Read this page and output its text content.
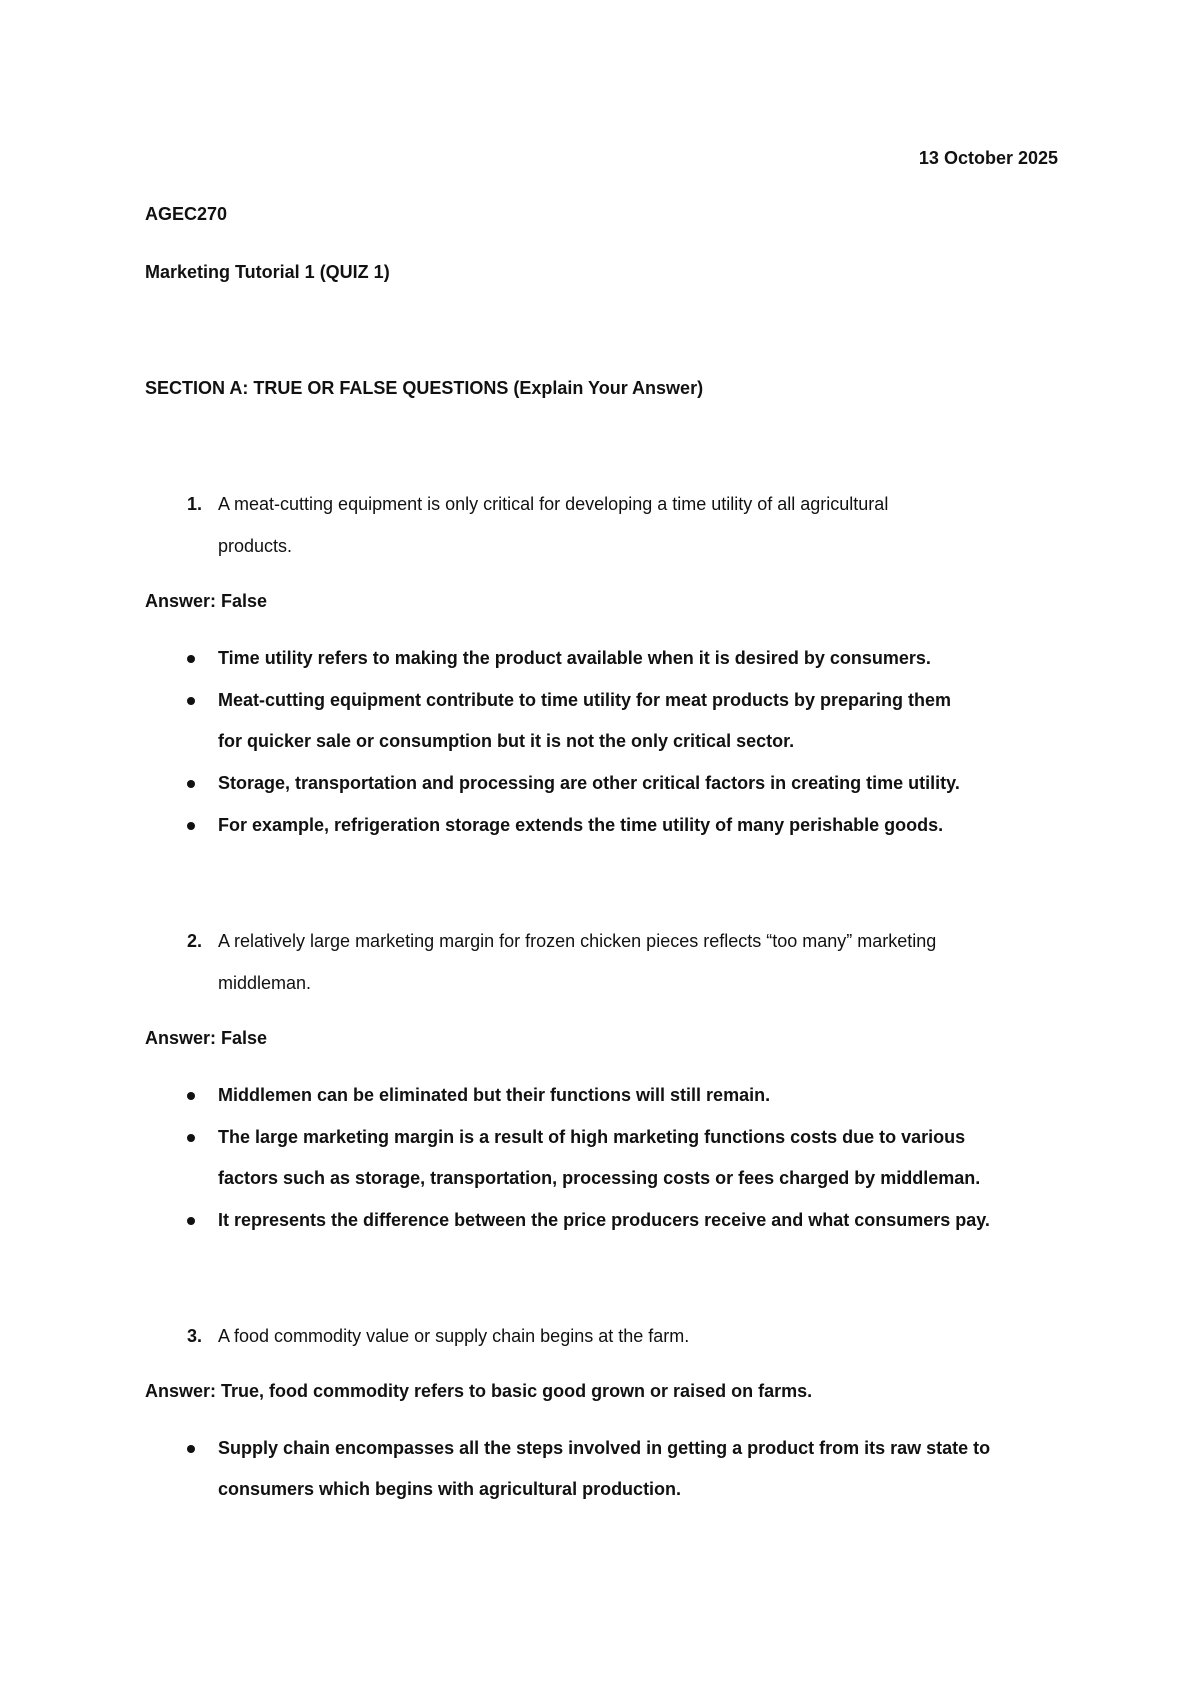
13 October 2025
AGEC270
Marketing Tutorial 1 (QUIZ 1)
SECTION A: TRUE OR FALSE QUESTIONS (Explain Your Answer)
1. A meat-cutting equipment is only critical for developing a time utility of all agricultural
products.
Answer: False
Time utility refers to making the product available when it is desired by consumers.
Meat-cutting equipment contribute to time utility for meat products by preparing them
for quicker sale or consumption but it is not the only critical sector.
Storage, transportation and processing are other critical factors in creating time utility.
For example, refrigeration storage extends the time utility of many perishable goods.
2. A relatively large marketing margin for frozen chicken pieces reflects “too many” marketing
middleman.
Answer: False
Middlemen can be eliminated but their functions will still remain.
The large marketing margin is a result of high marketing functions costs due to various
factors such as storage, transportation, processing costs or fees charged by middleman.
It represents the difference between the price producers receive and what consumers pay.
3. A food commodity value or supply chain begins at the farm.
Answer: True, food commodity refers to basic good grown or raised on farms.
Supply chain encompasses all the steps involved in getting a product from its raw state to
consumers which begins with agricultural production.
